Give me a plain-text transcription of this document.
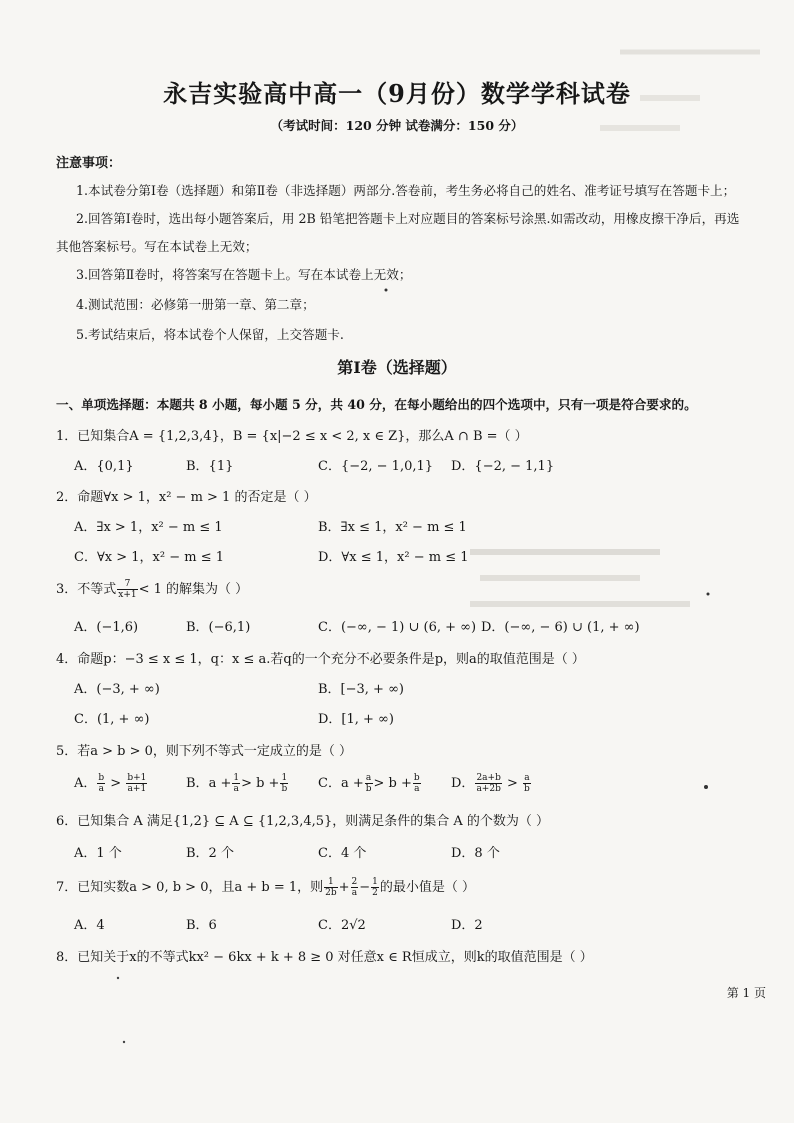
永吉实验高中高一（9月份）数学学科试卷
（考试时间：120 分钟 试卷满分：150 分）
注意事项：
1.本试卷分第Ⅰ卷（选择题）和第Ⅱ卷（非选择题）两部分.答卷前，考生务必将自己的姓名、准考证号填写在答题卡上；
2.回答第Ⅰ卷时，选出每小题答案后，用 2B 铅笔把答题卡上对应题目的答案标号涂黑.如需改动，用橡皮擦干净后，再选
其他答案标号。写在本试卷上无效；
3.回答第Ⅱ卷时，将答案写在答题卡上。写在本试卷上无效；
4.测试范围：必修第一册第一章、第二章；
5.考试结束后，将本试卷个人保留，上交答题卡.
第Ⅰ卷（选择题）
一、单项选择题：本题共 8 小题，每小题 5 分，共 40 分，在每小题给出的四个选项中，只有一项是符合要求的。
1．已知集合A = {1,2,3,4}，B = {x|−2 ≤ x < 2, x ∈ Z}，那么A ∩ B =（ ）
A．{0,1}	B．{1}	C．{−2, − 1,0,1} D．{−2, − 1,1}
2．命题∀x > 1，x² − m > 1 的否定是（ ）
A．∃x > 1，x² − m ≤ 1	B．∃x ≤ 1，x² − m ≤ 1
C．∀x > 1，x² − m ≤ 1	D．∀x ≤ 1，x² − m ≤ 1
3．不等式 $\frac{7}{x+1} < 1$ 的解集为（ ）
A．(−1,6)	B．(−6,1)	C．(−∞, − 1) ∪ (6, + ∞) D．(−∞, − 6) ∪ (1, + ∞)
4．命题p：−3 ≤ x ≤ 1，q：x ≤ a.若q的一个充分不必要条件是p，则a的取值范围是（ ）
A．(−3, + ∞)	B．[−3, + ∞)
C．(1, + ∞)	D．[1, + ∞)
5．若a > b > 0，则下列不等式一定成立的是（ ）
A． $\frac{b}{a} > \frac{b+1}{a+1}$	B．$a + \frac{1}{a} > b + \frac{1}{b}$ C．$a + \frac{a}{b} > b + \frac{b}{a}$ D． $\frac{2a+b}{a+2b} > \frac{a}{b}$
6．已知集合 A 满足{1,2} ⊆ A ⊆ {1,2,3,4,5}，则满足条件的集合 A 的个数为（ ）
A．1 个	B．2 个	C．4 个	D．8 个
7．已知实数a > 0, b > 0，且a + b = 1，则 $\frac{1}{2b} + \frac{2}{a} - \frac{1}{2}$ 的最小值是（ ）
A．4	B．6	C．2√2	D．2
8．已知关于x的不等式kx² − 6kx + k + 8 ≥ 0 对任意x ∈ R恒成立，则k的取值范围是（ ）
第 1 页
